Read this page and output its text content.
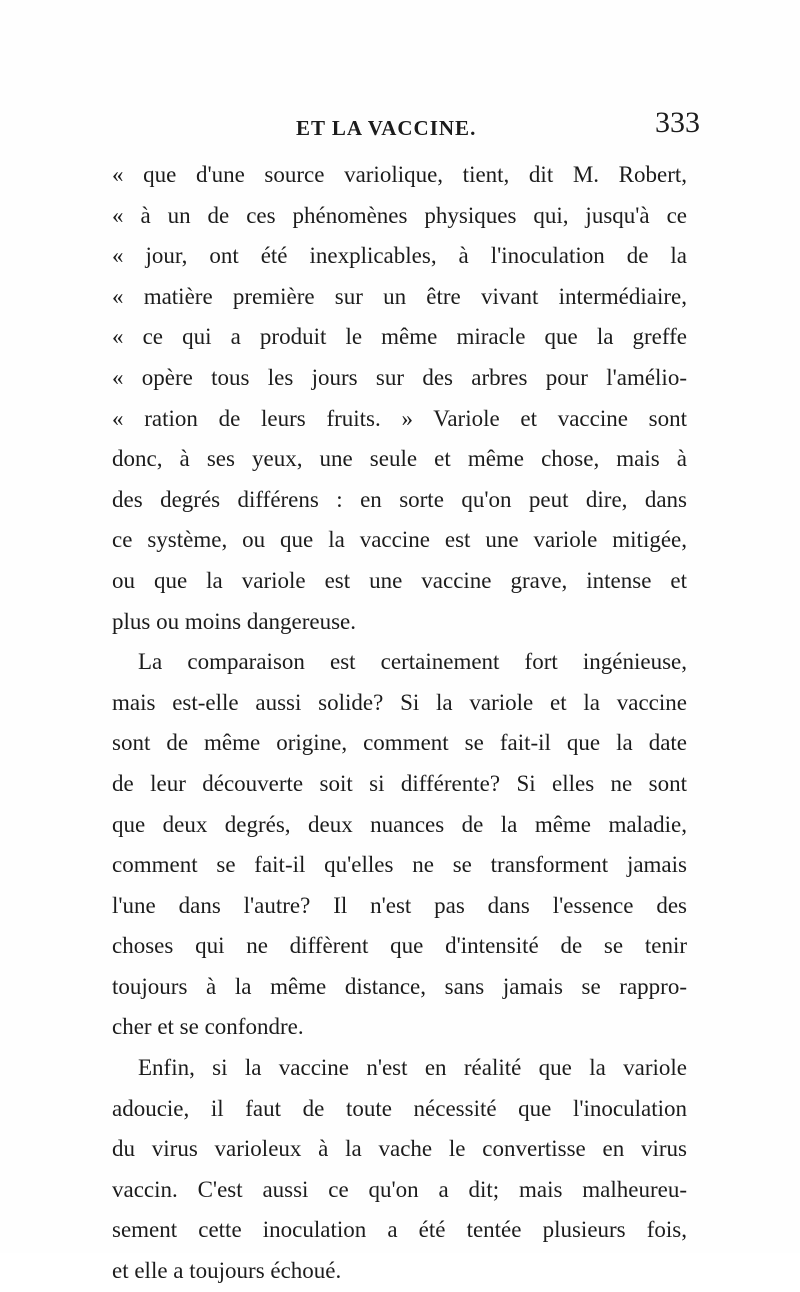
ET LA VACCINE.	333
« que d'une source variolique, tient, dit M. Robert,
« à un de ces phénomènes physiques qui, jusqu'à ce
« jour, ont été inexplicables, à l'inoculation de la
« matière première sur un être vivant intermédiaire,
« ce qui a produit le même miracle que la greffe
« opère tous les jours sur des arbres pour l'amélio-
« ration de leurs fruits. » Variole et vaccine sont
donc, à ses yeux, une seule et même chose, mais à
des degrés différens : en sorte qu'on peut dire, dans
ce système, ou que la vaccine est une variole mitigée,
ou que la variole est une vaccine grave, intense et
plus ou moins dangereuse.
La comparaison est certainement fort ingénieuse,
mais est-elle aussi solide? Si la variole et la vaccine
sont de même origine, comment se fait-il que la date
de leur découverte soit si différente? Si elles ne sont
que deux degrés, deux nuances de la même maladie,
comment se fait-il qu'elles ne se transforment jamais
l'une dans l'autre? Il n'est pas dans l'essence des
choses qui ne diffèrent que d'intensité de se tenir
toujours à la même distance, sans jamais se rappro-
cher et se confondre.
Enfin, si la vaccine n'est en réalité que la variole
adoucie, il faut de toute nécessité que l'inoculation
du virus varioleux à la vache le convertisse en virus
vaccin. C'est aussi ce qu'on a dit; mais malheureu-
sement cette inoculation a été tentée plusieurs fois,
et elle a toujours échoué.
